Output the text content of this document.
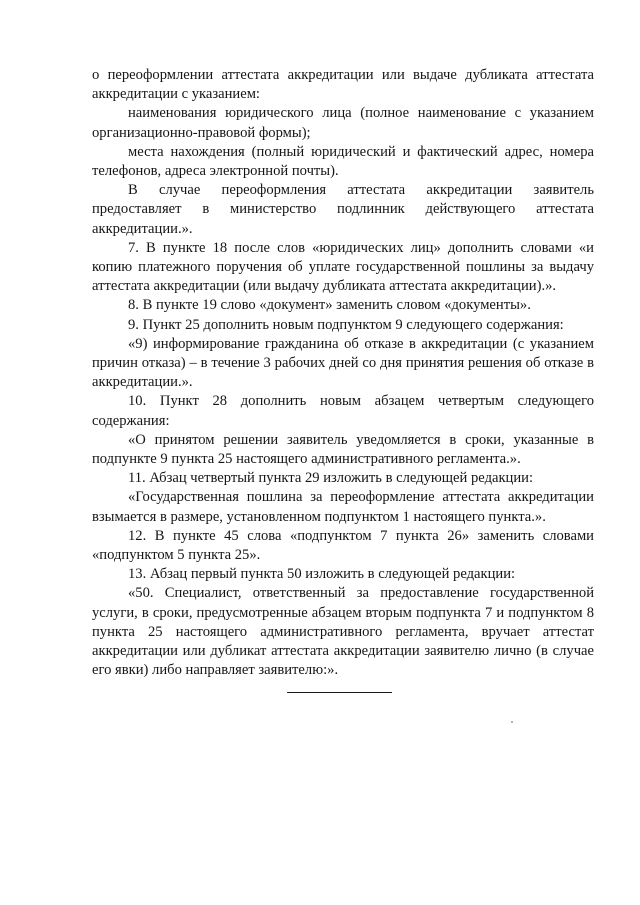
о переоформлении аттестата аккредитации или выдаче дубликата аттестата аккредитации с указанием:

наименования юридического лица (полное наименование с указанием организационно-правовой формы);

места нахождения (полный юридический и фактический адрес, номера телефонов, адреса электронной почты).

В случае переоформления аттестата аккредитации заявитель предоставляет в министерство подлинник действующего аттестата аккредитации.».

7. В пункте 18 после слов «юридических лиц» дополнить словами «и копию платежного поручения об уплате государственной пошлины за выдачу аттестата аккредитации (или выдачу дубликата аттестата аккредитации).».

8. В пункте 19 слово «документ» заменить словом «документы».

9. Пункт 25 дополнить новым подпунктом 9 следующего содержания:

«9) информирование гражданина об отказе в аккредитации (с указанием причин отказа) – в течение 3 рабочих дней со дня принятия решения об отказе в аккредитации.».

10. Пункт 28 дополнить новым абзацем четвертым следующего содержания:

«О принятом решении заявитель уведомляется в сроки, указанные в подпункте 9 пункта 25 настоящего административного регламента.».

11. Абзац четвертый пункта 29 изложить в следующей редакции:

«Государственная пошлина за переоформление аттестата аккредитации взымается в размере, установленном подпунктом 1 настоящего пункта.».

12. В пункте 45 слова «подпунктом 7 пункта 26» заменить словами «подпунктом 5 пункта 25».

13. Абзац первый пункта 50 изложить в следующей редакции:

«50. Специалист, ответственный за предоставление государственной услуги, в сроки, предусмотренные абзацем вторым подпункта 7 и подпунктом 8 пункта 25 настоящего административного регламента, вручает аттестат аккредитации или дубликат аттестата аккредитации заявителю лично (в случае его явки) либо направляет заявителю:».
